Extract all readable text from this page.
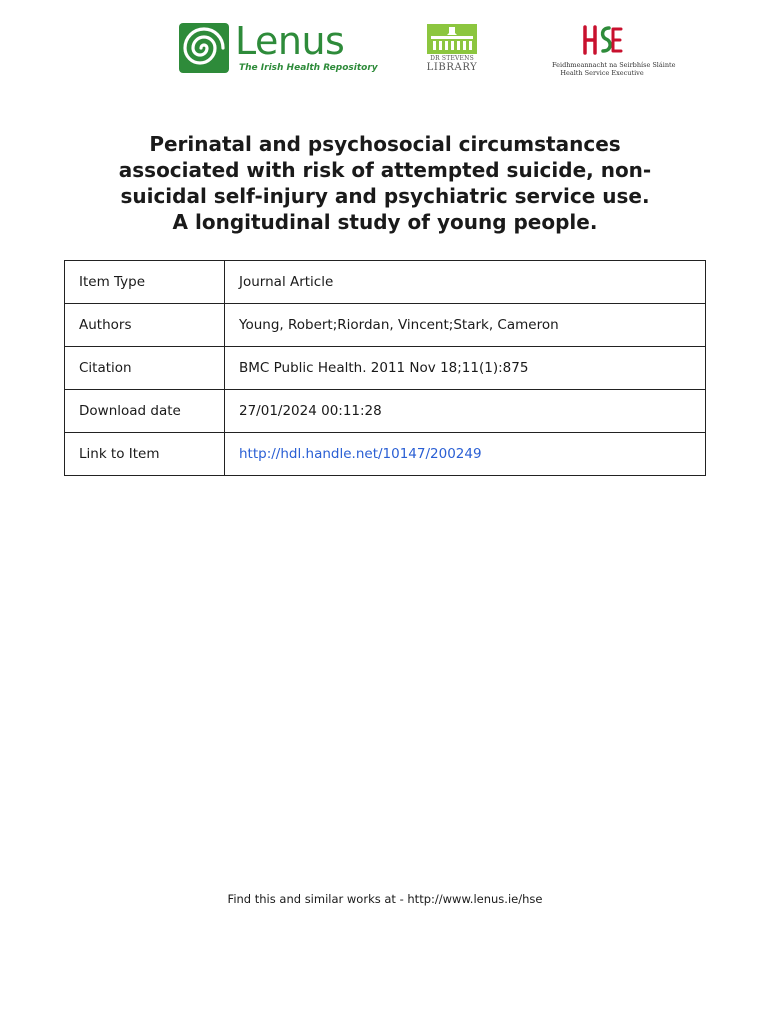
Lenus
The Irish Health Repository
DR STEVENS
LIBRARY	Feidhmeannacht na Seirbhíse Sláinte
Health Service Executive
Perinatal and psychosocial circumstances associated with risk of attempted suicide, non-suicidal self-injury and psychiatric service use. A longitudinal study of young people.
Item Type	Journal Article
Authors	Young, Robert;Riordan, Vincent;Stark, Cameron
Citation	BMC Public Health. 2011 Nov 18;11(1):875
Download date	27/01/2024 00:11:28
Link to Item	http://hdl.handle.net/10147/200249
Find this and similar works at - http://www.lenus.ie/hse
